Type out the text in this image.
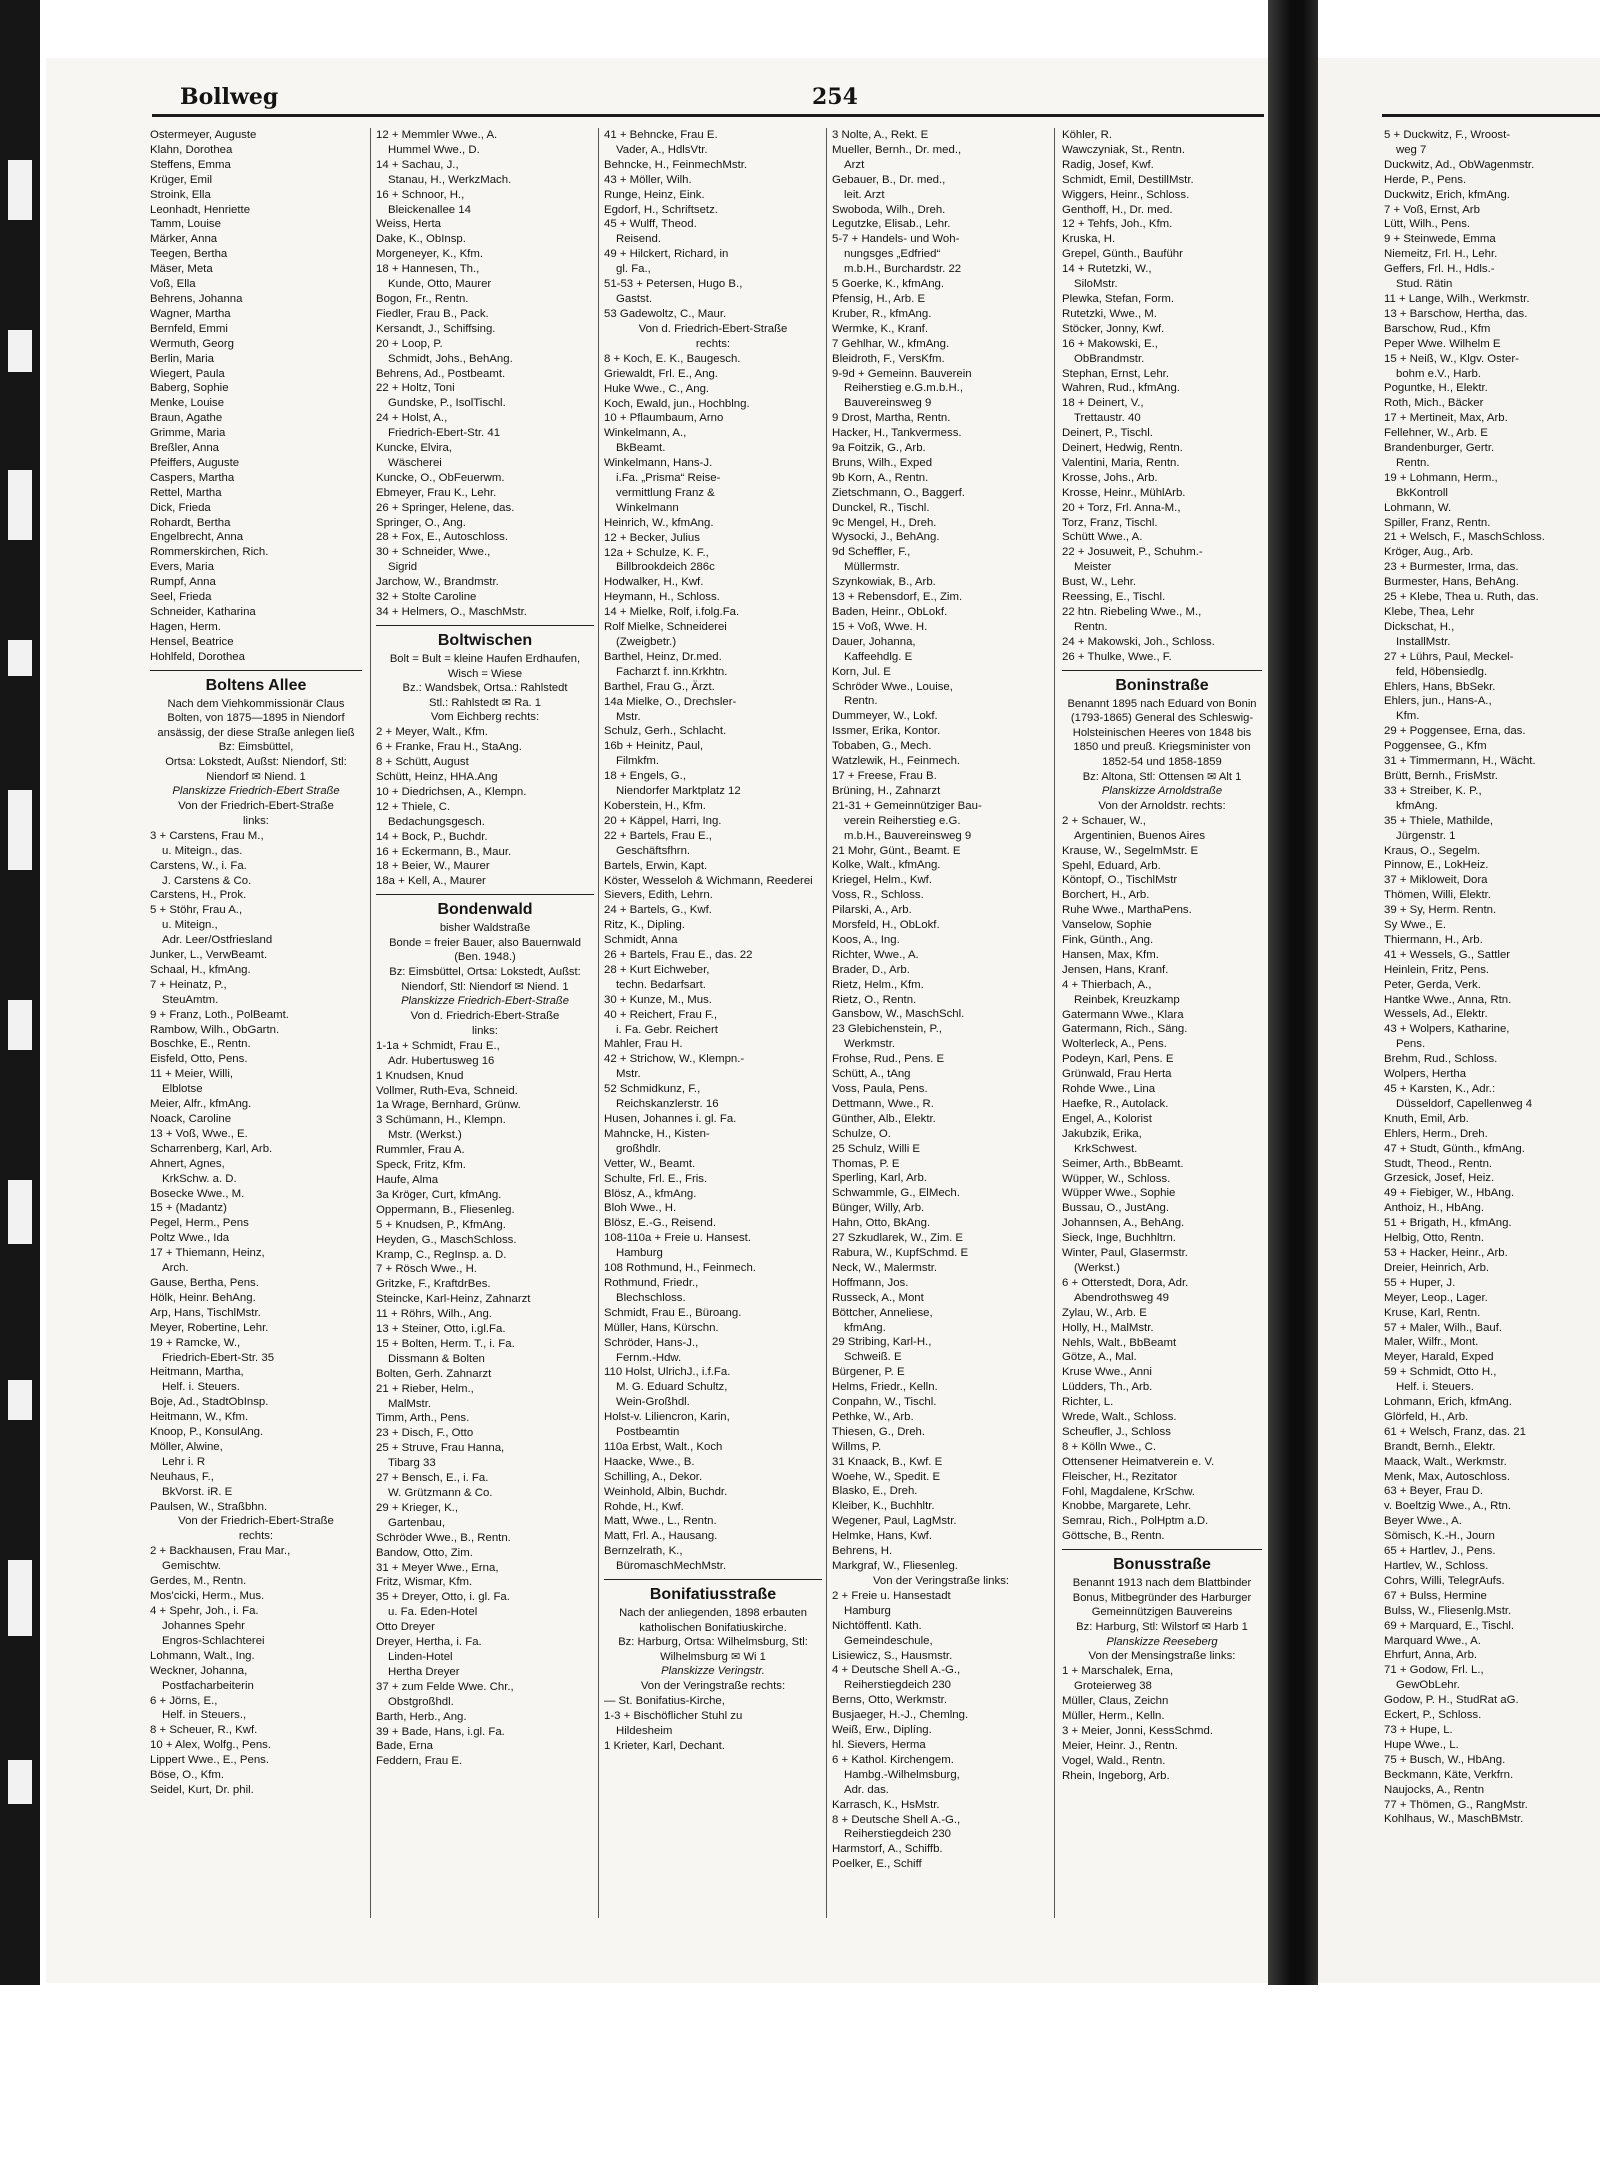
Bollweg	254
Ostermeyer, Auguste
Klahn, Dorothea
Steffens, Emma
Krüger, Emil
Stroink, Ella
Leonhadt, Henriette
Tamm, Louise
Märker, Anna
Teegen, Bertha
Mäser, Meta
Voß, Ella
Behrens, Johanna
Wagner, Martha
Bernfeld, Emmi
Wermuth, Georg
Berlin, Maria
Wiegert, Paula
Baberg, Sophie
Menke, Louise
Braun, Agathe
Grimme, Maria
Breßler, Anna
Pfeiffers, Auguste
Caspers, Martha
Rettel, Martha
Dick, Frieda
Rohardt, Bertha
Engelbrecht, Anna
Rommerskirchen, Rich.
Evers, Maria
Rumpf, Anna
Seel, Frieda
Schneider, Katharina
Hagen, Herm.
Hensel, Beatrice
Hohlfeld, Dorothea
Boltens Allee
Nach dem Viehkommissionär Claus Bolten, von 1875—1895 in Niendorf ansässig, der diese Straße anlegen ließ
Bz: Eimsbüttel,
Ortsa: Lokstedt, Außst: Niendorf, Stl: Niendorf ✉ Niend. 1
Planskizze Friedrich-Ebert Straße
Von der Friedrich-Ebert-Straße
links:
3 + Carstens, Frau M.,
u. Miteign., das.
Carstens, W., i. Fa.
J. Carstens & Co.
Carstens, H., Prok.
5 + Stöhr, Frau A.,
u. Miteign.,
Adr. Leer/Ostfriesland
Junker, L., VerwBeamt.
Schaal, H., kfmAng.
7 + Heinatz, P.,
SteuAmtm.
9 + Franz, Loth., PolBeamt.
Rambow, Wilh., ObGartn.
Boschke, E., Rentn.
Eisfeld, Otto, Pens.
11 + Meier, Willi,
Elblotse
Meier, Alfr., kfmAng.
Noack, Caroline
13 + Voß, Wwe., E.
Scharrenberg, Karl, Arb.
Ahnert, Agnes,
KrkSchw. a. D.
Bosecke Wwe., M.
15 + (Madantz)
Pegel, Herm., Pens
Poltz Wwe., Ida
17 + Thiemann, Heinz,
Arch.
Gause, Bertha, Pens.
Hölk, Heinr. BehAng.
Arp, Hans, TischlMstr.
Meyer, Robertine, Lehr.
19 + Ramcke, W.,
Friedrich-Ebert-Str. 35
Heitmann, Martha,
Helf. i. Steuers.
Boje, Ad., StadtObInsp.
Heitmann, W., Kfm.
Knoop, P., KonsulAng.
Möller, Alwine,
Lehr i. R
Neuhaus, F.,
BkVorst. iR. E
Paulsen, W., Straßbhn.
Von der Friedrich-Ebert-Straße
rechts:
2 + Backhausen, Frau Mar.,
Gemischtw.
Gerdes, M., Rentn.
Mos'cicki, Herm., Mus.
4 + Spehr, Joh., i. Fa.
Johannes Spehr
Engros-Schlachterei
Lohmann, Walt., Ing.
Weckner, Johanna,
Postfacharbeiterin
6 + Jörns, E.,
Helf. in Steuers.,
8 + Scheuer, R., Kwf.
10 + Alex, Wolfg., Pens.
Lippert Wwe., E., Pens.
Böse, O., Kfm.
Seidel, Kurt, Dr. phil.
12 + Memmler Wwe., A.
Hummel Wwe., D.
14 + Sachau, J.,
Stanau, H., WerkzMach.
16 + Schnoor, H.,
Bleickenallee 14
Weiss, Herta
Dake, K., ObInsp.
Morgeneyer, K., Kfm.
18 + Hannesen, Th.,
Kunde, Otto, Maurer
Bogon, Fr., Rentn.
Fiedler, Frau B., Pack.
Kersandt, J., Schiffsing.
20 + Loop, P.
Schmidt, Johs., BehAng.
Behrens, Ad., Postbeamt.
22 + Holtz, Toni
Gundske, P., IsolTischl.
24 + Holst, A.,
Friedrich-Ebert-Str. 41
Kuncke, Elvira,
Wäscherei
Kuncke, O., ObFeuerwm.
Ebmeyer, Frau K., Lehr.
26 + Springer, Helene, das.
Springer, O., Ang.
28 + Fox, E., Autoschloss.
30 + Schneider, Wwe.,
Sigrid
Jarchow, W., Brandmstr.
32 + Stolte Caroline
34 + Helmers, O., MaschMstr.
Boltwischen
Bolt = Bult = kleine Haufen Erdhaufen, Wisch = Wiese
Bz.: Wandsbek, Ortsa.: Rahlstedt
Stl.: Rahlstedt ✉ Ra. 1
Vom Eichberg rechts:
2 + Meyer, Walt., Kfm.
6 + Franke, Frau H., StaAng.
8 + Schütt, August
Schütt, Heinz, HHA.Ang
10 + Diedrichsen, A., Klempn.
12 + Thiele, C.
Bedachungsgesch.
14 + Bock, P., Buchdr.
16 + Eckermann, B., Maur.
18 + Beier, W., Maurer
18a + Kell, A., Maurer
Bondenwald
bisher Waldstraße
Bonde = freier Bauer, also Bauernwald (Ben. 1948.)
Bz: Eimsbüttel, Ortsa: Lokstedt, Außst: Niendorf, Stl: Niendorf ✉ Niend. 1
Planskizze Friedrich-Ebert-Straße
Von d. Friedrich-Ebert-Straße
links:
1-1a + Schmidt, Frau E.,
Adr. Hubertusweg 16
1 Knudsen, Knud
Vollmer, Ruth-Eva, Schneid.
1a Wrage, Bernhard, Grünw.
3 Schümann, H., Klempn.
Mstr. (Werkst.)
Rummler, Frau A.
Speck, Fritz, Kfm.
Haufe, Alma
3a Kröger, Curt, kfmAng.
Oppermann, B., Fliesenleg.
5 + Knudsen, P., KfmAng.
Heyden, G., MaschSchloss.
Kramp, C., RegInsp. a. D.
7 + Rösch Wwe., H.
Gritzke, F., KraftdrBes.
Steincke, Karl-Heinz, Zahnarzt
11 + Röhrs, Wilh., Ang.
13 + Steiner, Otto, i.gl.Fa.
15 + Bolten, Herm. T., i. Fa.
Dissmann & Bolten
Bolten, Gerh. Zahnarzt
21 + Rieber, Helm.,
MalMstr.
Timm, Arth., Pens.
23 + Disch, F., Otto
25 + Struve, Frau Hanna,
Tibarg 33
27 + Bensch, E., i. Fa.
W. Grützmann & Co.
29 + Krieger, K.,
Gartenbau,
Schröder Wwe., B., Rentn.
Bandow, Otto, Zim.
31 + Meyer Wwe., Erna,
Fritz, Wismar, Kfm.
35 + Dreyer, Otto, i. gl. Fa.
u. Fa. Eden-Hotel
Otto Dreyer
Dreyer, Hertha, i. Fa.
Linden-Hotel
Hertha Dreyer
37 + zum Felde Wwe. Chr.,
Obstgroßhdl.
Barth, Herb., Ang.
39 + Bade, Hans, i.gl. Fa.
Bade, Erna
Feddern, Frau E.
41 + Behncke, Frau E.
Vader, A., HdlsVtr.
Behncke, H., FeinmechMstr.
43 + Möller, Wilh.
Runge, Heinz, Eink.
Egdorf, H., Schriftsetz.
45 + Wulff, Theod.
Reisend.
49 + Hilckert, Richard, in
gl. Fa.,
51-53 + Petersen, Hugo B.,
Gastst.
53 Gadewoltz, C., Maur.
Von d. Friedrich-Ebert-Straße
rechts:
8 + Koch, E. K., Baugesch.
Griewaldt, Frl. E., Ang.
Huke Wwe., C., Ang.
Koch, Ewald, jun., Hochblng.
10 + Pflaumbaum, Arno
Winkelmann, A.,
BkBeamt.
Winkelmann, Hans-J.
i.Fa. „Prisma“ Reise-
vermittlung Franz &
Winkelmann
Heinrich, W., kfmAng.
12 + Becker, Julius
12a + Schulze, K. F.,
Billbrookdeich 286c
Hodwalker, H., Kwf.
Heymann, H., Schloss.
14 + Mielke, Rolf, i.folg.Fa.
Rolf Mielke, Schneiderei
(Zweigbetr.)
Barthel, Heinz, Dr.med.
Facharzt f. inn.Krkhtn.
Barthel, Frau G., Ärzt.
14a Mielke, O., Drechsler-
Mstr.
Schulz, Gerh., Schlacht.
16b + Heinitz, Paul,
Filmkfm.
18 + Engels, G.,
Niendorfer Marktplatz 12
Koberstein, H., Kfm.
20 + Käppel, Harri, Ing.
22 + Bartels, Frau E.,
Geschäftsfhrn.
Bartels, Erwin, Kapt.
Köster, Wesseloh & Wichmann, Reederei
Sievers, Edith, Lehrn.
24 + Bartels, G., Kwf.
Ritz, K., Dipling.
Schmidt, Anna
26 + Bartels, Frau E., das. 22
28 + Kurt Eichweber,
techn. Bedarfsart.
30 + Kunze, M., Mus.
40 + Reichert, Frau F.,
i. Fa. Gebr. Reichert
Mahler, Frau H.
42 + Strichow, W., Klempn.-
Mstr.
52 Schmidkunz, F.,
Reichskanzlerstr. 16
Husen, Johannes i. gl. Fa.
Mahncke, H., Kisten-
großhdlr.
Vetter, W., Beamt.
Schulte, Frl. E., Fris.
Blösz, A., kfmAng.
Bloh Wwe., H.
Blösz, E.-G., Reisend.
108-110a + Freie u. Hansest.
Hamburg
108 Rothmund, H., Feinmech.
Rothmund, Friedr.,
Blechschloss.
Schmidt, Frau E., Büroang.
Müller, Hans, Kürschn.
Schröder, Hans-J.,
Fernm.-Hdw.
110 Holst, UlrichJ., i.f.Fa.
M. G. Eduard Schultz,
Wein-Großhdl.
Holst-v. Liliencron, Karin,
Postbeamtin
110a Erbst, Walt., Koch
Haacke, Wwe., B.
Schilling, A., Dekor.
Weinhold, Albin, Buchdr.
Rohde, H., Kwf.
Matt, Wwe., L., Rentn.
Matt, Frl. A., Hausang.
Bernzelrath, K.,
BüromaschMechMstr.
Bonifatiusstraße
Nach der anliegenden, 1898 erbauten katholischen Bonifatiuskirche.
Bz: Harburg, Ortsa: Wilhelmsburg, Stl: Wilhelmsburg ✉ Wi 1
Planskizze Veringstr.
Von der Veringstraße rechts:
— St. Bonifatius-Kirche,
1-3 + Bischöflicher Stuhl zu
Hildesheim
1 Krieter, Karl, Dechant.
3 Nolte, A., Rekt. E
Mueller, Bernh., Dr. med.,
Arzt
Gebauer, B., Dr. med.,
leit. Arzt
Swoboda, Wilh., Dreh.
Legutzke, Elisab., Lehr.
5-7 + Handels- und Woh-
nungsges „Edfried“
m.b.H., Burchardstr. 22
5 Goerke, K., kfmAng.
Pfensig, H., Arb. E
Kruber, R., kfmAng.
Wermke, K., Kranf.
7 Gehlhar, W., kfmAng.
Bleidroth, F., VersKfm.
9-9d + Gemeinn. Bauverein
Reiherstieg e.G.m.b.H.,
Bauvereinsweg 9
9 Drost, Martha, Rentn.
Hacker, H., Tankvermess.
9a Foitzik, G., Arb.
Bruns, Wilh., Exped
9b Korn, A., Rentn.
Zietschmann, O., Baggerf.
Dunckel, R., Tischl.
9c Mengel, H., Dreh.
Wysocki, J., BehAng.
9d Scheffler, F.,
Müllermstr.
Szynkowiak, B., Arb.
13 + Rebensdorf, E., Zim.
Baden, Heinr., ObLokf.
15 + Voß, Wwe. H.
Dauer, Johanna,
Kaffeehdlg. E
Korn, Jul. E
Schröder Wwe., Louise,
Rentn.
Dummeyer, W., Lokf.
Issmer, Erika, Kontor.
Tobaben, G., Mech.
Watzlewik, H., Feinmech.
17 + Freese, Frau B.
Brüning, H., Zahnarzt
21-31 + Gemeinnütziger Bau-
verein Reiherstieg e.G.
m.b.H., Bauvereinsweg 9
21 Mohr, Günt., Beamt. E
Kolke, Walt., kfmAng.
Kriegel, Helm., Kwf.
Voss, R., Schloss.
Pilarski, A., Arb.
Morsfeld, H., ObLokf.
Koos, A., Ing.
Richter, Wwe., A.
Brader, D., Arb.
Rietz, Helm., Kfm.
Rietz, O., Rentn.
Gansbow, W., MaschSchl.
23 Glebichenstein, P.,
Werkmstr.
Frohse, Rud., Pens. E
Schütt, A., tAng
Voss, Paula, Pens.
Dettmann, Wwe., R.
Günther, Alb., Elektr.
Schulze, O.
25 Schulz, Willi E
Thomas, P. E
Sperling, Karl, Arb.
Schwammle, G., ElMech.
Bünger, Willy, Arb.
Hahn, Otto, BkAng.
27 Szkudlarek, W., Zim. E
Rabura, W., KupfSchmd. E
Neck, W., Malermstr.
Hoffmann, Jos.
Russeck, A., Mont
Böttcher, Anneliese,
kfmAng.
29 Stribing, Karl-H.,
Schweiß. E
Bürgener, P. E
Helms, Friedr., Kelln.
Conpahn, W., Tischl.
Pethke, W., Arb.
Thiesen, G., Dreh.
Willms, P.
31 Knaack, B., Kwf. E
Woehe, W., Spedit. E
Blasko, E., Dreh.
Kleiber, K., Buchhltr.
Wegener, Paul, LagMstr.
Helmke, Hans, Kwf.
Behrens, H.
Markgraf, W., Fliesenleg.
Von der Veringstraße links:
2 + Freie u. Hansestadt
Hamburg
Nichtöffentl. Kath.
Gemeindeschule,
Lisiewicz, S., Hausmstr.
4 + Deutsche Shell A.-G.,
Reiherstiegdeich 230
Berns, Otto, Werkmstr.
Busjaeger, H.-J., Chemlng.
Weiß, Erw., Diplíng.
hl. Sievers, Herma
6 + Kathol. Kirchengem.
Hambg.-Wilhelmsburg,
Adr. das.
Karrasch, K., HsMstr.
8 + Deutsche Shell A.-G.,
Reiherstiegdeich 230
Harmstorf, A., Schiffb.
Poelker, E., Schiff
Köhler, R.
Wawczyniak, St., Rentn.
Radig, Josef, Kwf.
Schmidt, Emil, DestillMstr.
Wiggers, Heinr., Schloss.
Genthoff, H., Dr. med.
12 + Tehfs, Joh., Kfm.
Kruska, H.
Grepel, Günth., Bauführ
14 + Rutetzki, W.,
SiloMstr.
Plewka, Stefan, Form.
Rutetzki, Wwe., M.
Stöcker, Jonny, Kwf.
16 + Makowski, E.,
ObBrandmstr.
Stephan, Ernst, Lehr.
Wahren, Rud., kfmAng.
18 + Deinert, V.,
Trettaustr. 40
Deinert, P., Tischl.
Deinert, Hedwig, Rentn.
Valentini, Maria, Rentn.
Krosse, Johs., Arb.
Krosse, Heinr., MühlArb.
20 + Torz, Frl. Anna-M.,
Torz, Franz, Tischl.
Schütt Wwe., A.
22 + Josuweit, P., Schuhm.-
Meister
Bust, W., Lehr.
Reessing, E., Tischl.
22 htn. Riebeling Wwe., M.,
Rentn.
24 + Makowski, Joh., Schloss.
26 + Thulke, Wwe., F.
Boninstraße
Benannt 1895 nach Eduard von Bonin (1793-1865) General des Schleswig-Holsteinischen Heeres von 1848 bis 1850 und preuß. Kriegsminister von 1852-54 und 1858-1859
Bz: Altona, Stl: Ottensen ✉ Alt 1
Planskizze Arnoldstraße
Von der Arnoldstr. rechts:
2 + Schauer, W.,
Argentinien, Buenos Aires
Krause, W., SegelmMstr. E
Spehl, Eduard, Arb.
Köntopf, O., TischlMstr
Borchert, H., Arb.
Ruhe Wwe., MarthaPens.
Vanselow, Sophie
Fink, Günth., Ang.
Hansen, Max, Kfm.
Jensen, Hans, Kranf.
4 + Thierbach, A.,
Reinbek, Kreuzkamp
Gatermann Wwe., Klara
Gatermann, Rich., Säng.
Wolterleck, A., Pens.
Podeyn, Karl, Pens. E
Grünwald, Frau Herta
Rohde Wwe., Lina
Haefke, R., Autolack.
Engel, A., Kolorist
Jakubzik, Erika,
KrkSchwest.
Seimer, Arth., BbBeamt.
Wüpper, W., Schloss.
Wüpper Wwe., Sophie
Bussau, O., JustAng.
Johannsen, A., BehAng.
Sieck, Inge, Buchhltrn.
Winter, Paul, Glasermstr.
(Werkst.)
6 + Otterstedt, Dora, Adr.
Abendrothsweg 49
Zylau, W., Arb. E
Holly, H., MalMstr.
Nehls, Walt., BbBeamt
Götze, A., Mal.
Kruse Wwe., Anni
Lüdders, Th., Arb.
Richter, L.
Wrede, Walt., Schloss.
Scheufler, J., Schloss
8 + Kölln Wwe., C.
Ottensener Heimatverein e. V.
Fleischer, H., Rezitator
Fohl, Magdalene, KrSchw.
Knobbe, Margarete, Lehr.
Semrau, Rich., PolHptm a.D.
Göttsche, B., Rentn.
Bonusstraße
Benannt 1913 nach dem Blattbinder Bonus, Mitbegründer des Harburger Gemeinnützigen Bauvereins
Bz: Harburg, Stl: Wilstorf ✉ Harb 1
Planskizze Reeseberg
Von der Mensingstraße links:
1 + Marschalek, Erna,
Groteierweg 38
Müller, Claus, Zeichn
Müller, Herm., Kelln.
3 + Meier, Jonni, KessSchmd.
Meier, Heinr. J., Rentn.
Vogel, Wald., Rentn.
Rhein, Ingeborg, Arb.
5 + Duckwitz, F., Wroost-
weg 7
Duckwitz, Ad., ObWagenmstr.
Herde, P., Pens.
Duckwitz, Erich, kfmAng.
7 + Voß, Ernst, Arb
Lütt, Wilh., Pens.
9 + Steinwede, Emma
Niemeitz, Frl. H., Lehr.
Geffers, Frl. H., Hdls.-
Stud. Rätin
11 + Lange, Wilh., Werkmstr.
13 + Barschow, Hertha, das.
Barschow, Rud., Kfm
Peper Wwe. Wilhelm E
15 + Neiß, W., Klgv. Oster-
bohm e.V., Harb.
Poguntke, H., Elektr.
Roth, Mich., Bäcker
17 + Mertineit, Max, Arb.
Fellehner, W., Arb. E
Brandenburger, Gertr.
Rentn.
19 + Lohmann, Herm.,
BkKontroll
Lohmann, W.
Spiller, Franz, Rentn.
21 + Welsch, F., MaschSchloss.
Kröger, Aug., Arb.
23 + Burmester, Irma, das.
Burmester, Hans, BehAng.
25 + Klebe, Thea u. Ruth, das.
Klebe, Thea, Lehr
Dickschat, H.,
InstallMstr.
27 + Lührs, Paul, Meckel-
feld, Höbensiedlg.
Ehlers, Hans, BbSekr.
Ehlers, jun., Hans-A.,
Kfm.
29 + Poggensee, Erna, das.
Poggensee, G., Kfm
31 + Timmermann, H., Wächt.
Brütt, Bernh., FrisMstr.
33 + Streiber, K. P.,
kfmAng.
35 + Thiele, Mathilde,
Jürgenstr. 1
Kraus, O., Segelm.
Pinnow, E., LokHeiz.
37 + Mikloweit, Dora
Thömen, Willi, Elektr.
39 + Sy, Herm. Rentn.
Sy Wwe., E.
Thiermann, H., Arb.
41 + Wessels, G., Sattler
Heinlein, Fritz, Pens.
Peter, Gerda, Verk.
Hantke Wwe., Anna, Rtn.
Wessels, Ad., Elektr.
43 + Wolpers, Katharine,
Pens.
Brehm, Rud., Schloss.
Wolpers, Hertha
45 + Karsten, K., Adr.:
Düsseldorf, Capellenweg 4
Knuth, Emil, Arb.
Ehlers, Herm., Dreh.
47 + Studt, Günth., kfmAng.
Studt, Theod., Rentn.
Grzesick, Josef, Heiz.
49 + Fiebiger, W., HbAng.
Anthoiz, H., HbAng.
51 + Brigath, H., kfmAng.
Helbig, Otto, Rentn.
53 + Hacker, Heinr., Arb.
Dreier, Heinrich, Arb.
55 + Huper, J.
Meyer, Leop., Lager.
Kruse, Karl, Rentn.
57 + Maler, Wilh., Bauf.
Maler, Wilfr., Mont.
Meyer, Harald, Exped
59 + Schmidt, Otto H.,
Helf. i. Steuers.
Lohmann, Erich, kfmAng.
Glörfeld, H., Arb.
61 + Welsch, Franz, das. 21
Brandt, Bernh., Elektr.
Maack, Walt., Werkmstr.
Menk, Max, Autoschloss.
63 + Beyer, Frau D.
v. Boeltzig Wwe., A., Rtn.
Beyer Wwe., A.
Sömisch, K.-H., Journ
65 + Hartlev, J., Pens.
Hartlev, W., Schloss.
Cohrs, Willi, TelegrAufs.
67 + Bulss, Hermine
Bulss, W., Fliesenlg.Mstr.
69 + Marquard, E., Tischl.
Marquard Wwe., A.
Ehrfurt, Anna, Arb.
71 + Godow, Frl. L.,
GewObLehr.
Godow, P. H., StudRat aG.
Eckert, P., Schloss.
73 + Hupe, L.
Hupe Wwe., L.
75 + Busch, W., HbAng.
Beckmann, Käte, Verkfrn.
Naujocks, A., Rentn
77 + Thömen, G., RangMstr.
Kohlhaus, W., MaschBMstr.
